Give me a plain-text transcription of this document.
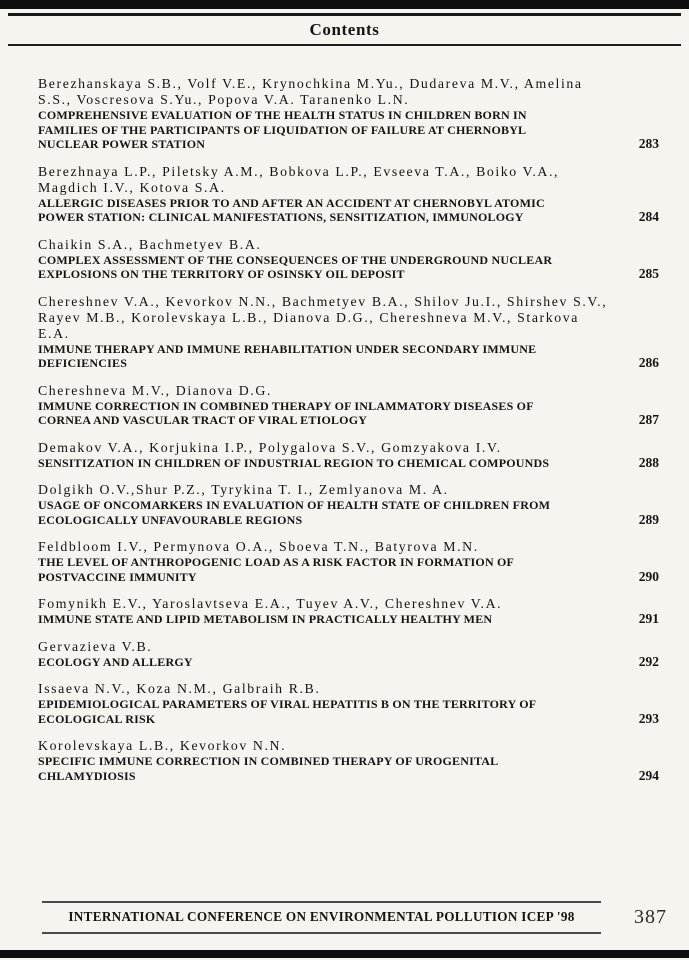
Contents
Berezhanskaya S.B., Volf V.E., Krynochkina M.Yu., Dudareva M.V., Amelina S.S., Voscresova S.Yu., Popova V.A. Taranenko L.N.
COMPREHENSIVE EVALUATION OF THE HEALTH STATUS IN CHILDREN BORN IN FAMILIES OF THE PARTICIPANTS OF LIQUIDATION OF FAILURE AT CHERNOBYL NUCLEAR POWER STATION	283
Berezhnaya L.P., Piletsky A.M., Bobkova L.P., Evseeva T.A., Boiko V.A., Magdich I.V., Kotova S.A.
ALLERGIC DISEASES PRIOR TO AND AFTER AN ACCIDENT AT CHERNOBYL ATOMIC POWER STATION: CLINICAL MANIFESTATIONS, SENSITIZATION, IMMUNOLOGY	284
Chaikin S.A., Bachmetyev B.A.
COMPLEX ASSESSMENT OF THE CONSEQUENCES OF THE UNDERGROUND NUCLEAR EXPLOSIONS ON THE TERRITORY OF OSINSKY OIL DEPOSIT	285
Chereshnev V.A., Kevorkov N.N., Bachmetyev B.A., Shilov Ju.I., Shirshev S.V., Rayev M.B., Korolevskaya L.B., Dianova D.G., Chereshneva M.V., Starkova E.A.
IMMUNE THERAPY AND IMMUNE REHABILITATION UNDER SECONDARY IMMUNE DEFICIENCIES	286
Chereshneva M.V., Dianova D.G.
IMMUNE CORRECTION IN COMBINED THERAPY OF INLAMMATORY DISEASES OF CORNEA AND VASCULAR TRACT OF VIRAL ETIOLOGY	287
Demakov V.A., Korjukina I.P., Polygalova S.V., Gomzyakova I.V.
SENSITIZATION IN CHILDREN OF INDUSTRIAL REGION TO CHEMICAL COMPOUNDS	288
Dolgikh O.V.,Shur P.Z., Tyrykina T. I., Zemlyanova M. A.
USAGE OF ONCOMARKERS IN EVALUATION OF HEALTH STATE OF CHILDREN FROM ECOLOGICALLY UNFAVOURABLE REGIONS	289
Feldbloom I.V., Permynova O.A., Sboeva T.N., Batyrova M.N.
THE LEVEL OF ANTHROPOGENIC LOAD AS A RISK FACTOR IN FORMATION OF POSTVACCINE IMMUNITY	290
Fomynikh E.V., Yaroslavtseva E.A., Tuyev A.V., Chereshnev V.A.
IMMUNE STATE AND LIPID METABOLISM IN PRACTICALLY HEALTHY MEN	291
Gervazieva V.B.
ECOLOGY AND ALLERGY	292
Issaeva N.V., Koza N.M., Galbraih R.B.
EPIDEMIOLOGICAL PARAMETERS OF VIRAL HEPATITIS B ON THE TERRITORY OF ECOLOGICAL RISK	293
Korolevskaya L.B., Kevorkov N.N.
SPECIFIC IMMUNE CORRECTION IN COMBINED THERAPY OF UROGENITAL CHLAMYDIOSIS	294
INTERNATIONAL CONFERENCE ON ENVIRONMENTAL POLLUTION ICEP '98	387
